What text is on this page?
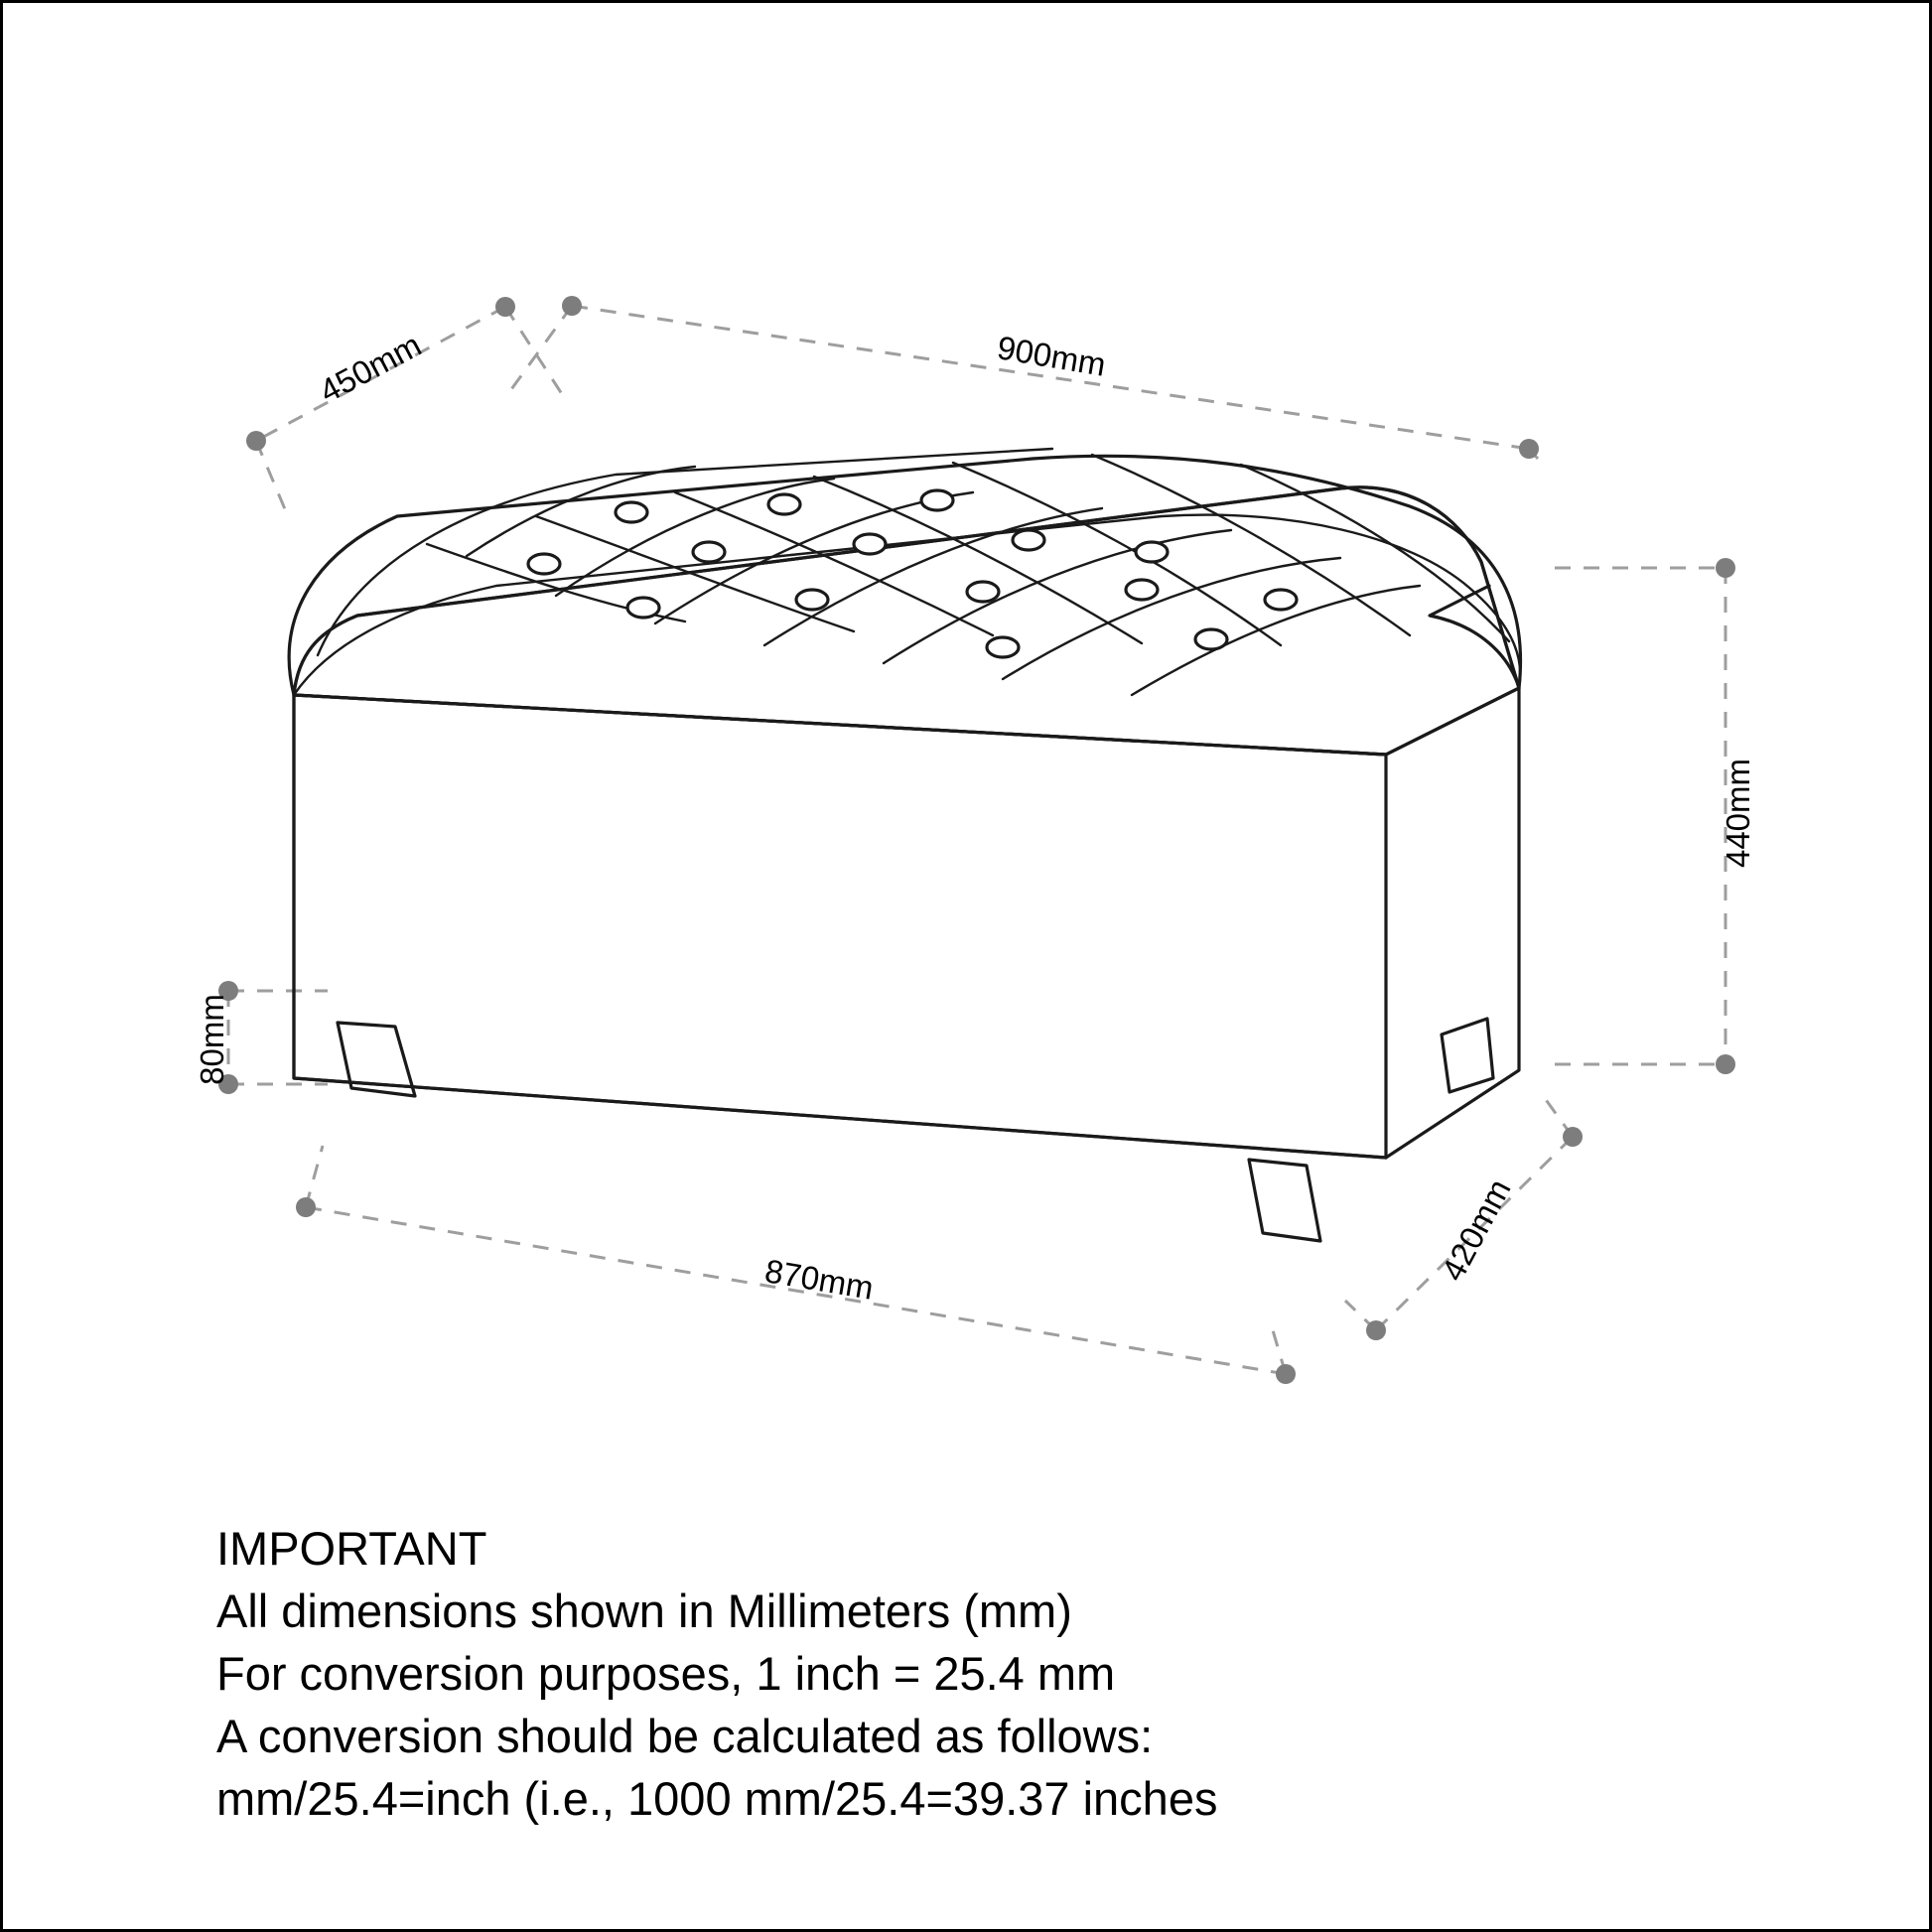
450mm	900mm
440mm
80mm
870mm	420mm
IMPORTANT
All dimensions shown in Millimeters (mm)
For conversion purposes, 1 inch = 25.4 mm
A conversion should be calculated as follows:
mm/25.4=inch (i.e., 1000 mm/25.4=39.37 inches
